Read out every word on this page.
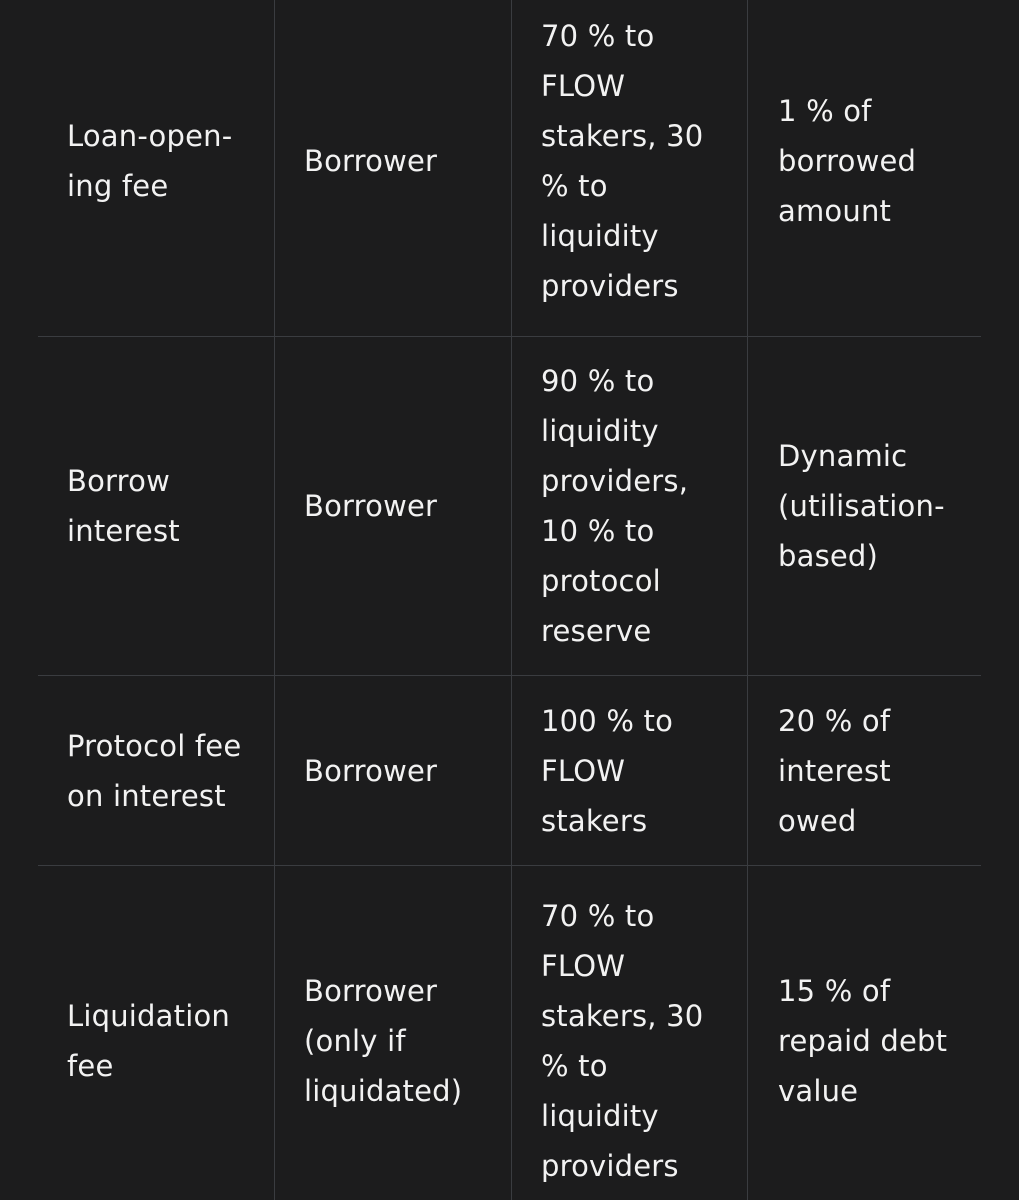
Loan-opening fee
Borrower
70 % to FLOW stakers, 30 % to liquidity providers
1 % of borrowed amount
Borrow interest
Borrower
90 % to liquidity providers, 10 % to protocol reserve
Dynamic (utilisation-based)
Protocol fee on interest
Borrower
100 % to FLOW stakers
20 % of interest owed
Liquidation fee
Borrower (only if liquidated)
70 % to FLOW stakers, 30 % to liquidity providers
15 % of repaid debt value
